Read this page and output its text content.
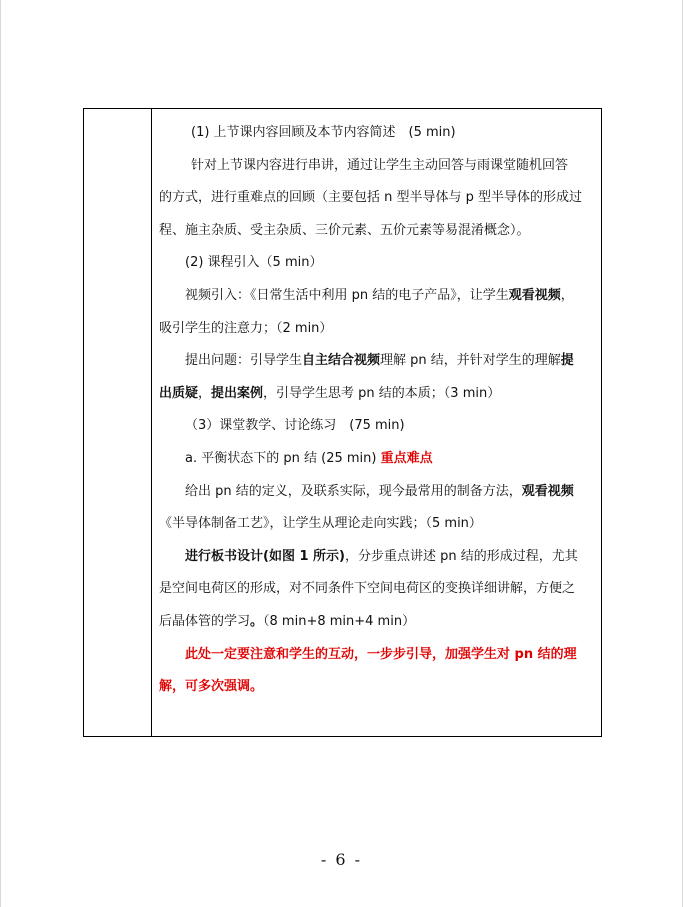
(1) 上节课内容回顾及本节内容简述　(5 min)

针对上节课内容进行串讲，通过让学生主动回答与雨课堂随机回答

的方式，进行重难点的回顾（主要包括 n 型半导体与 p 型半导体的形成过

程、施主杂质、受主杂质、三价元素、五价元素等易混淆概念）。

(2) 课程引入（5 min）

视频引入：《日常生活中利用 pn 结的电子产品》，让学生观看视频，

吸引学生的注意力；（2 min）

提出问题：引导学生自主结合视频理解 pn 结，并针对学生的理解提

出质疑，提出案例，引导学生思考 pn 结的本质；（3 min）

（3）课堂教学、讨论练习　(75 min)

a. 平衡状态下的 pn 结 (25 min) 重点难点

给出 pn 结的定义，及联系实际，现今最常用的制备方法，观看视频

《半导体制备工艺》，让学生从理论走向实践；（5 min）

进行板书设计(如图 1 所示)，分步重点讲述 pn 结的形成过程，尤其

是空间电荷区的形成，对不同条件下空间电荷区的变换详细讲解，方便之

后晶体管的学习。（8 min+8 min+4 min）

此处一定要注意和学生的互动，一步步引导，加强学生对 pn 结的理

解，可多次强调。

- 6 -
